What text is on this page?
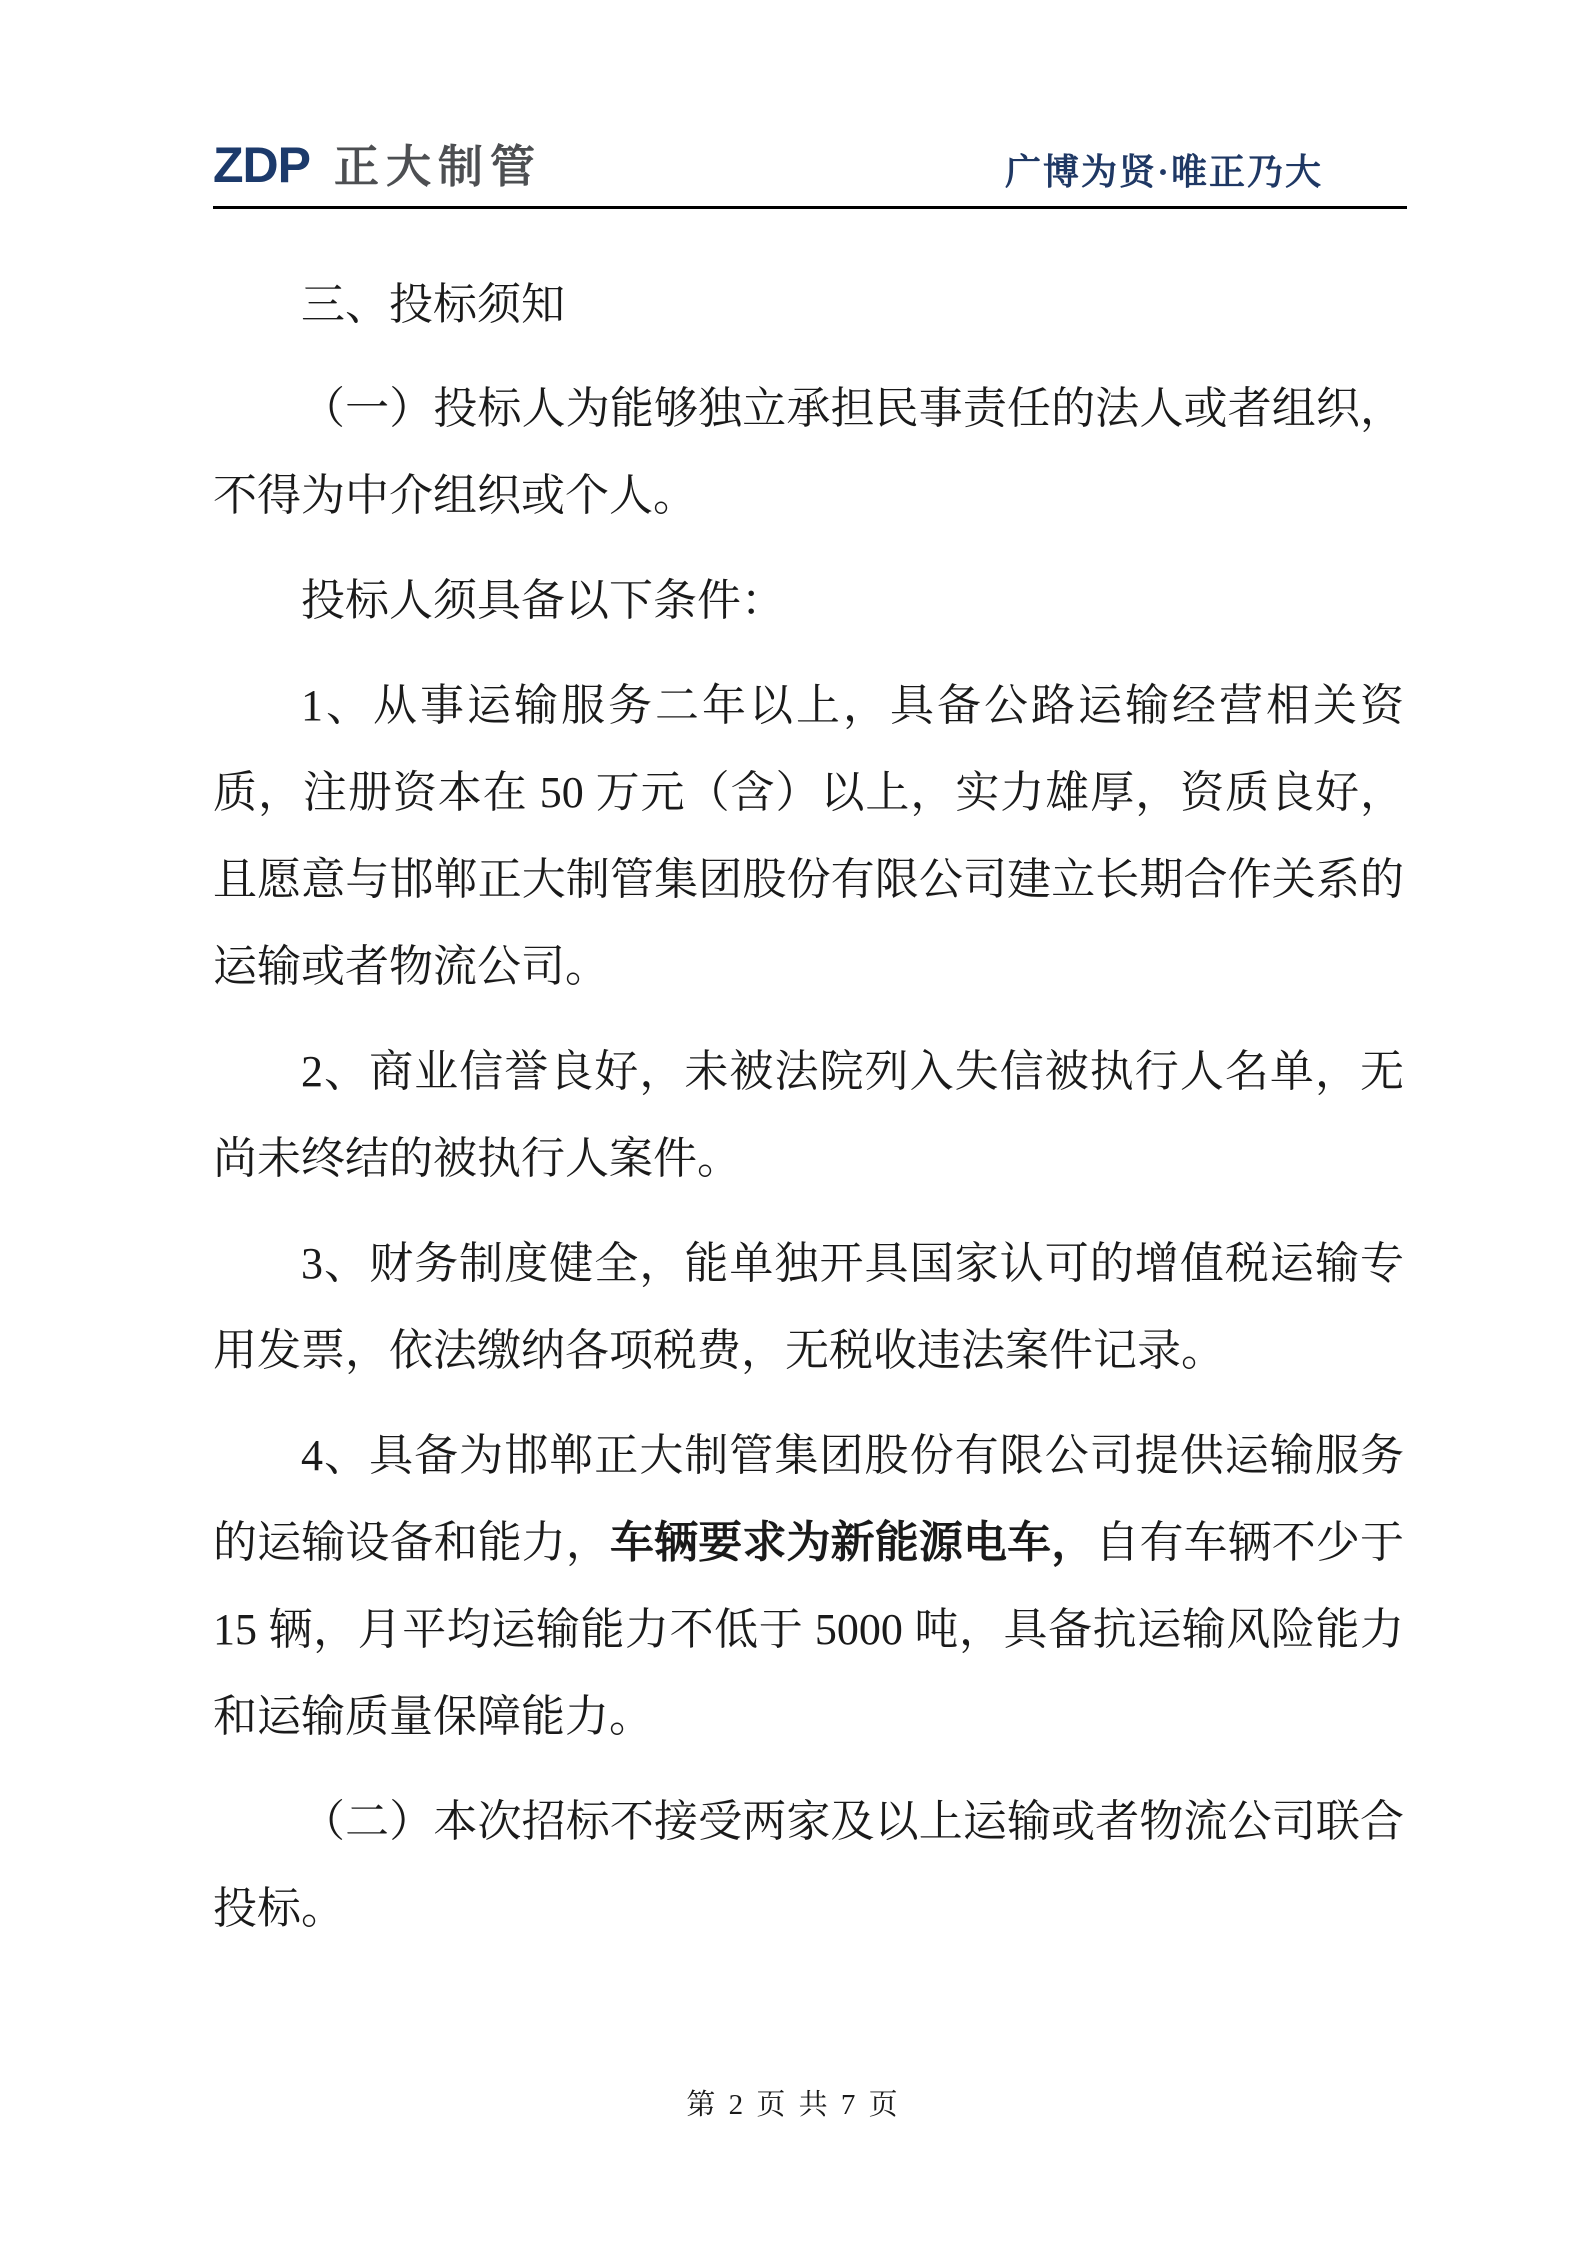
ZDP 正大制管	广博为贤·唯正乃大
三、投标须知

（一）投标人为能够独立承担民事责任的法人或者组织，不得为中介组织或个人。

投标人须具备以下条件：

1、从事运输服务二年以上，具备公路运输经营相关资质，注册资本在 50 万元（含）以上，实力雄厚，资质良好，且愿意与邯郸正大制管集团股份有限公司建立长期合作关系的运输或者物流公司。

2、商业信誉良好，未被法院列入失信被执行人名单，无尚未终结的被执行人案件。

3、财务制度健全，能单独开具国家认可的增值税运输专用发票，依法缴纳各项税费，无税收违法案件记录。

4、具备为邯郸正大制管集团股份有限公司提供运输服务的运输设备和能力，车辆要求为新能源电车，自有车辆不少于 15 辆，月平均运输能力不低于 5000 吨，具备抗运输风险能力和运输质量保障能力。

（二）本次招标不接受两家及以上运输或者物流公司联合投标。

第 2 页 共 7 页
